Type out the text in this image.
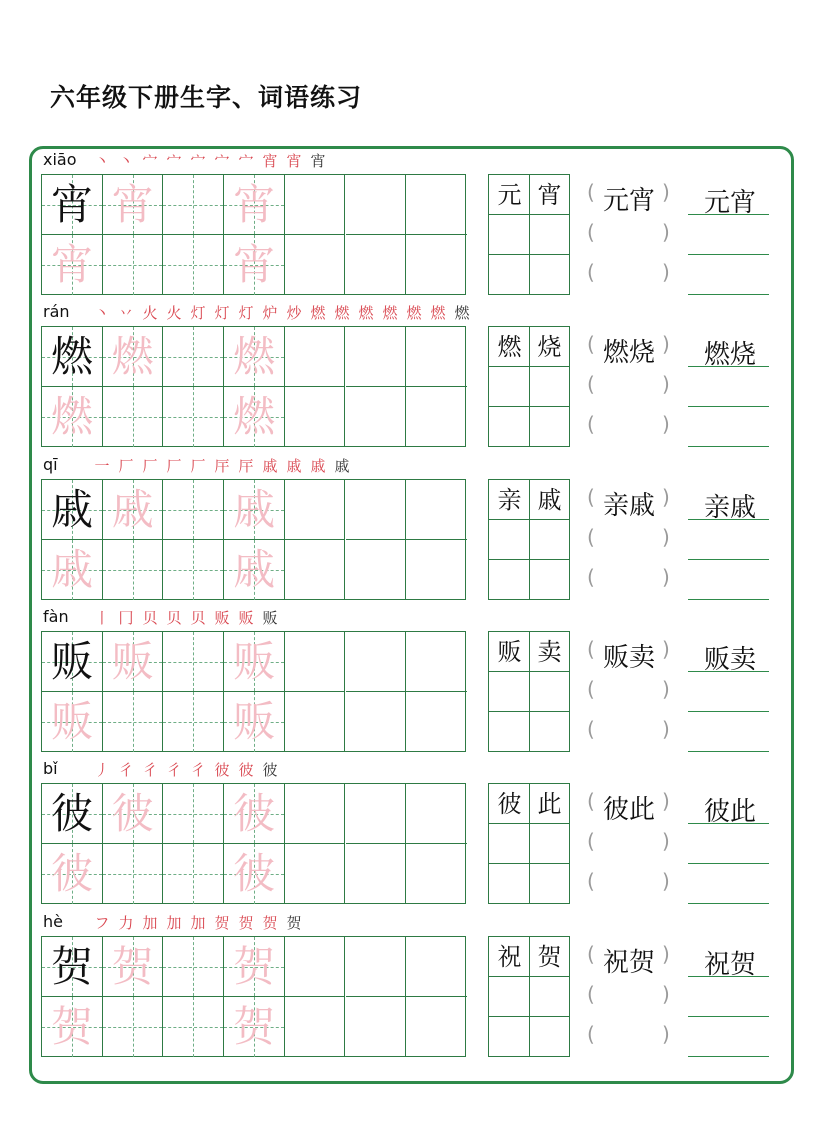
六年级下册生字、词语练习
xiāo 丶 丶 宀 宀 宀 宀 宀 宵 宵 宵
宵 宵 宵
宵	宵
元 宵	(	)
(	)
(	)
元宵	元宵
rán 丶 丷 火 火 灯 灯 灯 炉 炒 燃 燃 燃 燃 燃 燃 燃
燃 燃 燃
燃	燃
燃 烧	(	)
(	)
(	)
燃烧	燃烧
qī 一 厂 厂 厂 厂 厈 厈 戚 戚 戚 戚
戚 戚 戚
戚	戚
亲 戚	(	)
(	)
(	)
亲戚	亲戚
fàn 丨 冂 贝 贝 贝 贩 贩 贩
贩 贩 贩
贩	贩
贩 卖	(	)
(	)
(	)
贩卖	贩卖
bǐ 丿 彳 彳 彳 彳 彼 彼 彼
彼 彼 彼
彼	彼
彼 此	(	)
(	)
(	)
彼此	彼此
hè フ 力 加 加 加 贺 贺 贺 贺
贺 贺 贺
贺	贺
祝 贺	(	)
(	)
(	)
祝贺	祝贺
